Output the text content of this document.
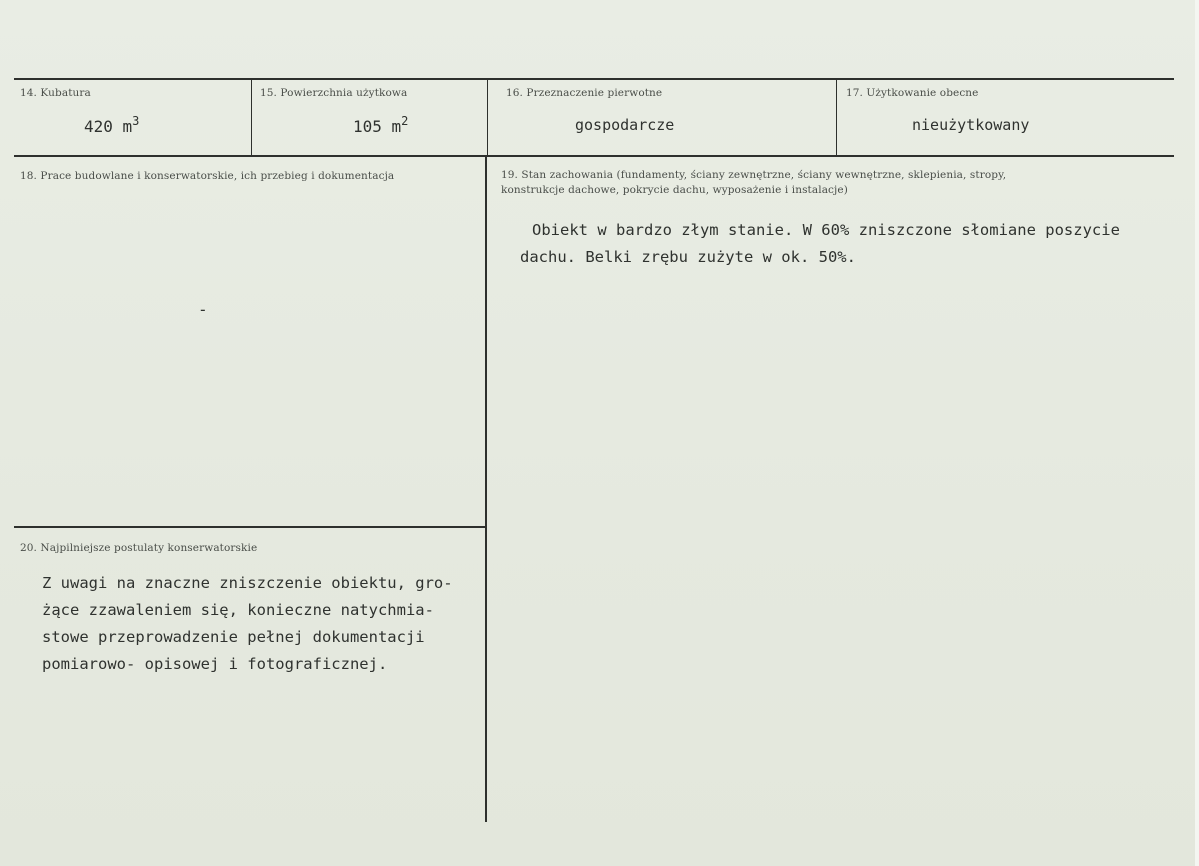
14. Kubatura
420 $m^3$
15. Powierzchnia użytkowa
105 $m^2$
16. Przeznaczenie pierwotne
gospodarcze
17. Użytkowanie obecne
nieużytkowany
18. Prace budowlane i konserwatorskie, ich przebieg i dokumentacja
-
19. Stan zachowania (fundamenty, ściany zewnętrzne, ściany wewnętrzne, sklepienia, stropy,
konstrukcje dachowe, pokrycie dachu, wyposażenie i instalacje)
Obiekt w bardzo złym stanie. W 60% zniszczone słomiane poszycie
dachu. Belki zrębu zużyte w ok. 50%.
20. Najpilniejsze postulaty konserwatorskie
Z uwagi na znaczne zniszczenie obiektu, gro-
żące zzawaleniem się, konieczne natychmia-
stowe przeprowadzenie pełnej dokumentacji
pomiarowo- opisowej i fotograficznej.
